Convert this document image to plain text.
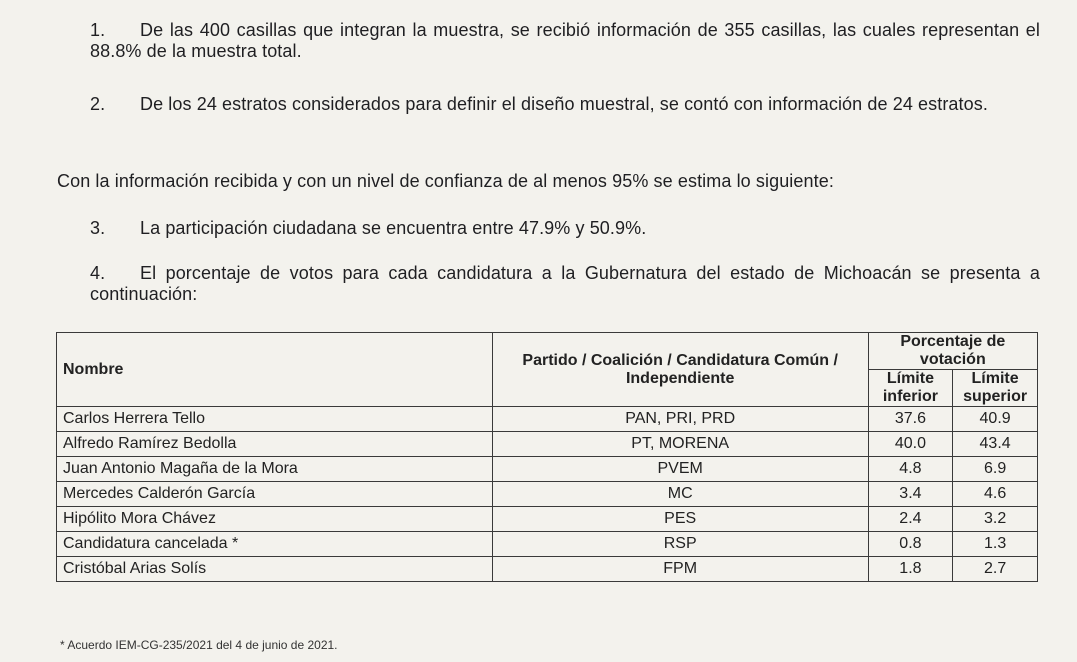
1. De las 400 casillas que integran la muestra, se recibió información de 355 casillas, las cuales representan el 88.8% de la muestra total.
2. De los 24 estratos considerados para definir el diseño muestral, se contó con información de 24 estratos.
Con la información recibida y con un nivel de confianza de al menos 95% se estima lo siguiente:
3. La participación ciudadana se encuentra entre 47.9% y 50.9%.
4. El porcentaje de votos para cada candidatura a la Gubernatura del estado de Michoacán se presenta a continuación:
Nombre	Partido / Coalición / Candidatura Común / Independiente	Porcentaje de votación	
		Límite inferior	Límite superior
Carlos Herrera Tello	PAN, PRI, PRD	37.6	40.9
Alfredo Ramírez Bedolla	PT, MORENA	40.0	43.4
Juan Antonio Magaña de la Mora	PVEM	4.8	6.9
Mercedes Calderón García	MC	3.4	4.6
Hipólito Mora Chávez	PES	2.4	3.2
Candidatura cancelada *	RSP	0.8	1.3
Cristóbal Arias Solís	FPM	1.8	2.7
* Acuerdo IEM-CG-235/2021 del 4 de junio de 2021.
